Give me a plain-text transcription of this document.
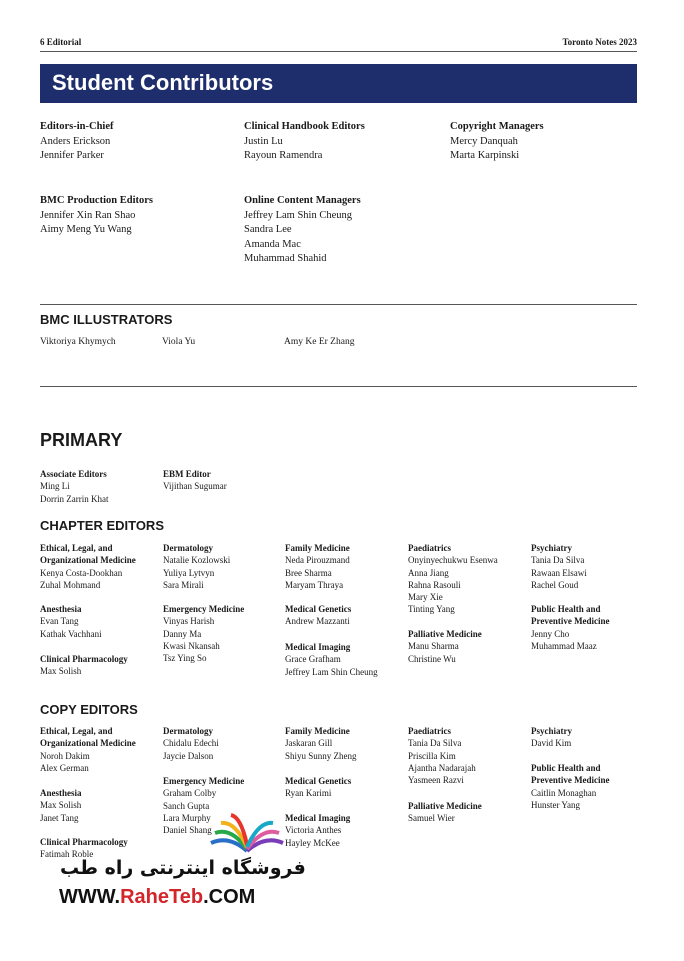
6 Editorial	Toronto Notes 2023
Student Contributors
Editors-in-Chief
Anders Erickson
Jennifer Parker
Clinical Handbook Editors
Justin Lu
Rayoun Ramendra
Copyright Managers
Mercy Danquah
Marta Karpinski
BMC Production Editors
Jennifer Xin Ran Shao
Aimy Meng Yu Wang
Online Content Managers
Jeffrey Lam Shin Cheung
Sandra Lee
Amanda Mac
Muhammad Shahid
BMC ILLUSTRATORS
Viktoriya Khymych	Viola Yu	Amy Ke Er Zhang
PRIMARY
Associate Editors
Ming Li
Dorrin Zarrin Khat
EBM Editor
Vijithan Sugumar
CHAPTER EDITORS
Ethical, Legal, and
Organizational Medicine
Kenya Costa-Dookhan
Zuhal Mohmand
Anesthesia
Evan Tang
Kathak Vachhani
Clinical Pharmacology
Max Solish
Dermatology
Natalie Kozlowski
Yuliya Lytvyn
Sara Mirali
Emergency Medicine
Vinyas Harish
Danny Ma
Kwasi Nkansah
Tsz Ying So
Family Medicine
Neda Pirouzmand
Bree Sharma
Maryam Thraya
Medical Genetics
Andrew Mazzanti
Medical Imaging
Grace Grafham
Jeffrey Lam Shin Cheung
Paediatrics
Onyinyechukwu Esenwa
Anna Jiang
Rahna Rasouli
Mary Xie
Tinting Yang
Palliative Medicine
Manu Sharma
Christine Wu
Psychiatry
Tania Da Silva
Rawaan Elsawi
Rachel Goud
Public Health and
Preventive Medicine
Jenny Cho
Muhammad Maaz
COPY EDITORS
Ethical, Legal, and
Organizational Medicine
Noroh Dakim
Alex German
Anesthesia
Max Solish
Janet Tang
Clinical Pharmacology
Fatimah Roble
Dermatology
Chidalu Edechi
Jaycie Dalson
Emergency Medicine
Graham Colby
Sanch Gupta
Lara Murphy
Daniel Shang
Family Medicine
Jaskaran Gill
Shiyu Sunny Zheng
Medical Genetics
Ryan Karimi
Medical Imaging
Victoria Anthes
Hayley McKee
Paediatrics
Tania Da Silva
Priscilla Kim
Ajantha Nadarajah
Yasmeen Razvi
Palliative Medicine
Samuel Wier
Psychiatry
David Kim
Public Health and
Preventive Medicine
Caitlin Monaghan
Hunster Yang
فروشگاه اینترنتی راه طب
WWW.RaheTeb.COM
